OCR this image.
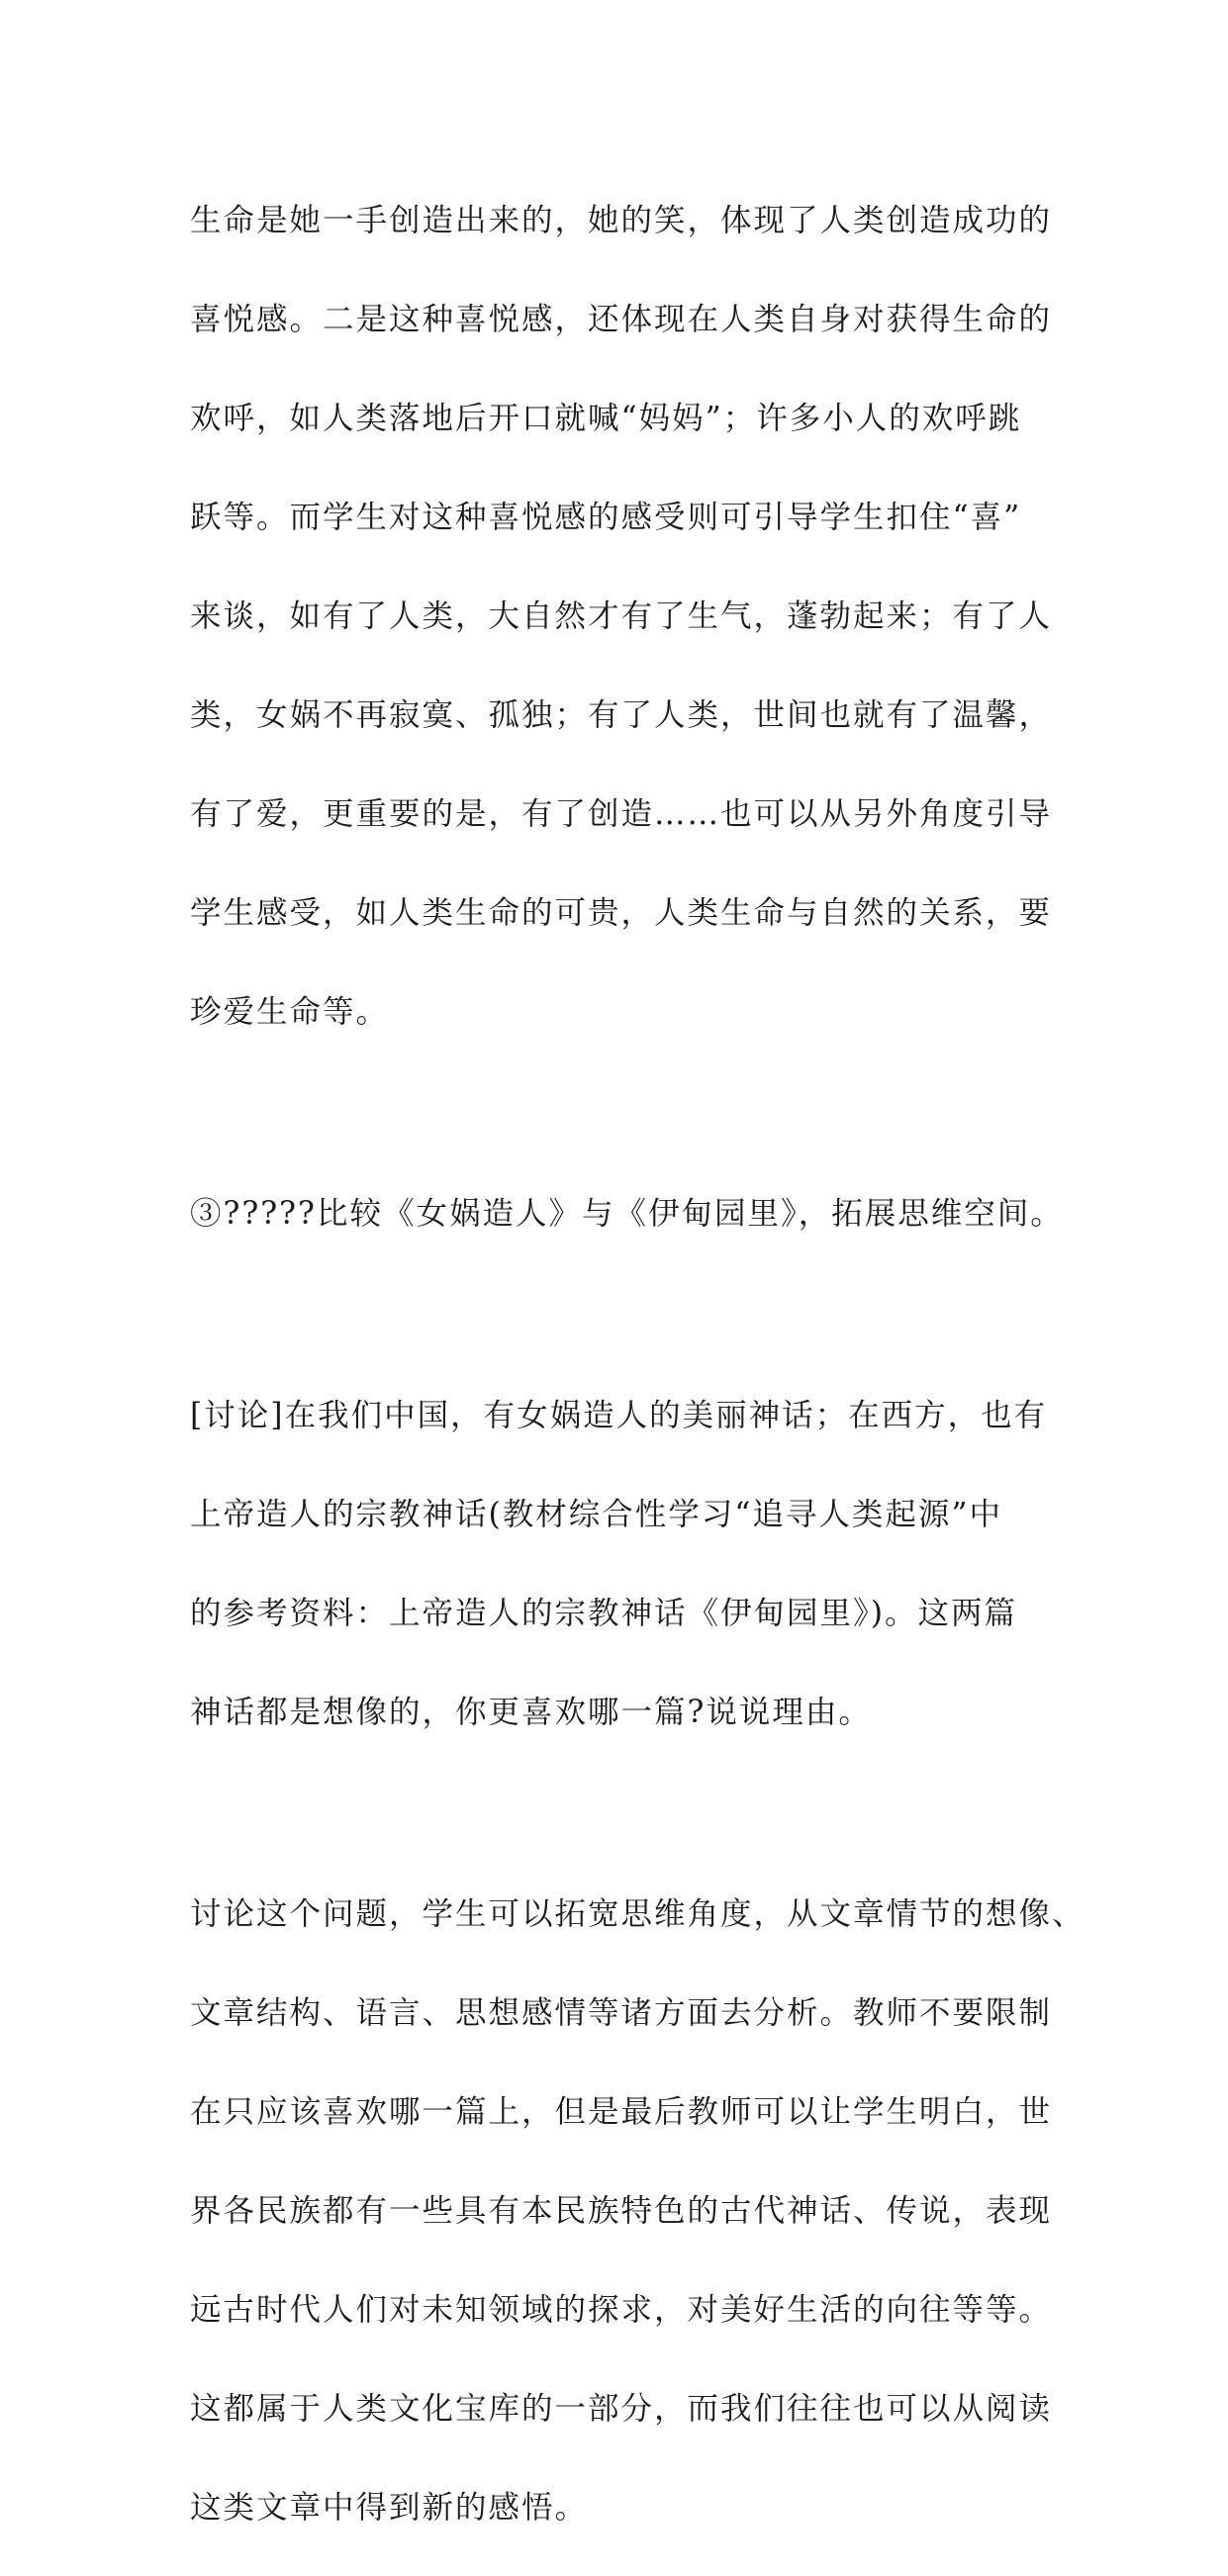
生命是她一手创造出来的，她的笑，体现了人类创造成功的

喜悦感。二是这种喜悦感，还体现在人类自身对获得生命的

欢呼，如人类落地后开口就喊“妈妈”；许多小人的欢呼跳

跃等。而学生对这种喜悦感的感受则可引导学生扣住“喜”

来谈，如有了人类，大自然才有了生气，蓬勃起来；有了人

类，女娲不再寂寞、孤独；有了人类，世间也就有了温馨，

有了爱，更重要的是，有了创造……也可以从另外角度引导

学生感受，如人类生命的可贵，人类生命与自然的关系，要

珍爱生命等。

③?????比较《女娲造人》与《伊甸园里》，拓展思维空间。

[讨论]在我们中国，有女娲造人的美丽神话；在西方，也有

上帝造人的宗教神话(教材综合性学习“追寻人类起源”中

的参考资料：上帝造人的宗教神话《伊甸园里》)。这两篇

神话都是想像的，你更喜欢哪一篇?说说理由。

讨论这个问题，学生可以拓宽思维角度，从文章情节的想像、

文章结构、语言、思想感情等诸方面去分析。教师不要限制

在只应该喜欢哪一篇上，但是最后教师可以让学生明白，世

界各民族都有一些具有本民族特色的古代神话、传说，表现

远古时代人们对未知领域的探求，对美好生活的向往等等。

这都属于人类文化宝库的一部分，而我们往往也可以从阅读

这类文章中得到新的感悟。
